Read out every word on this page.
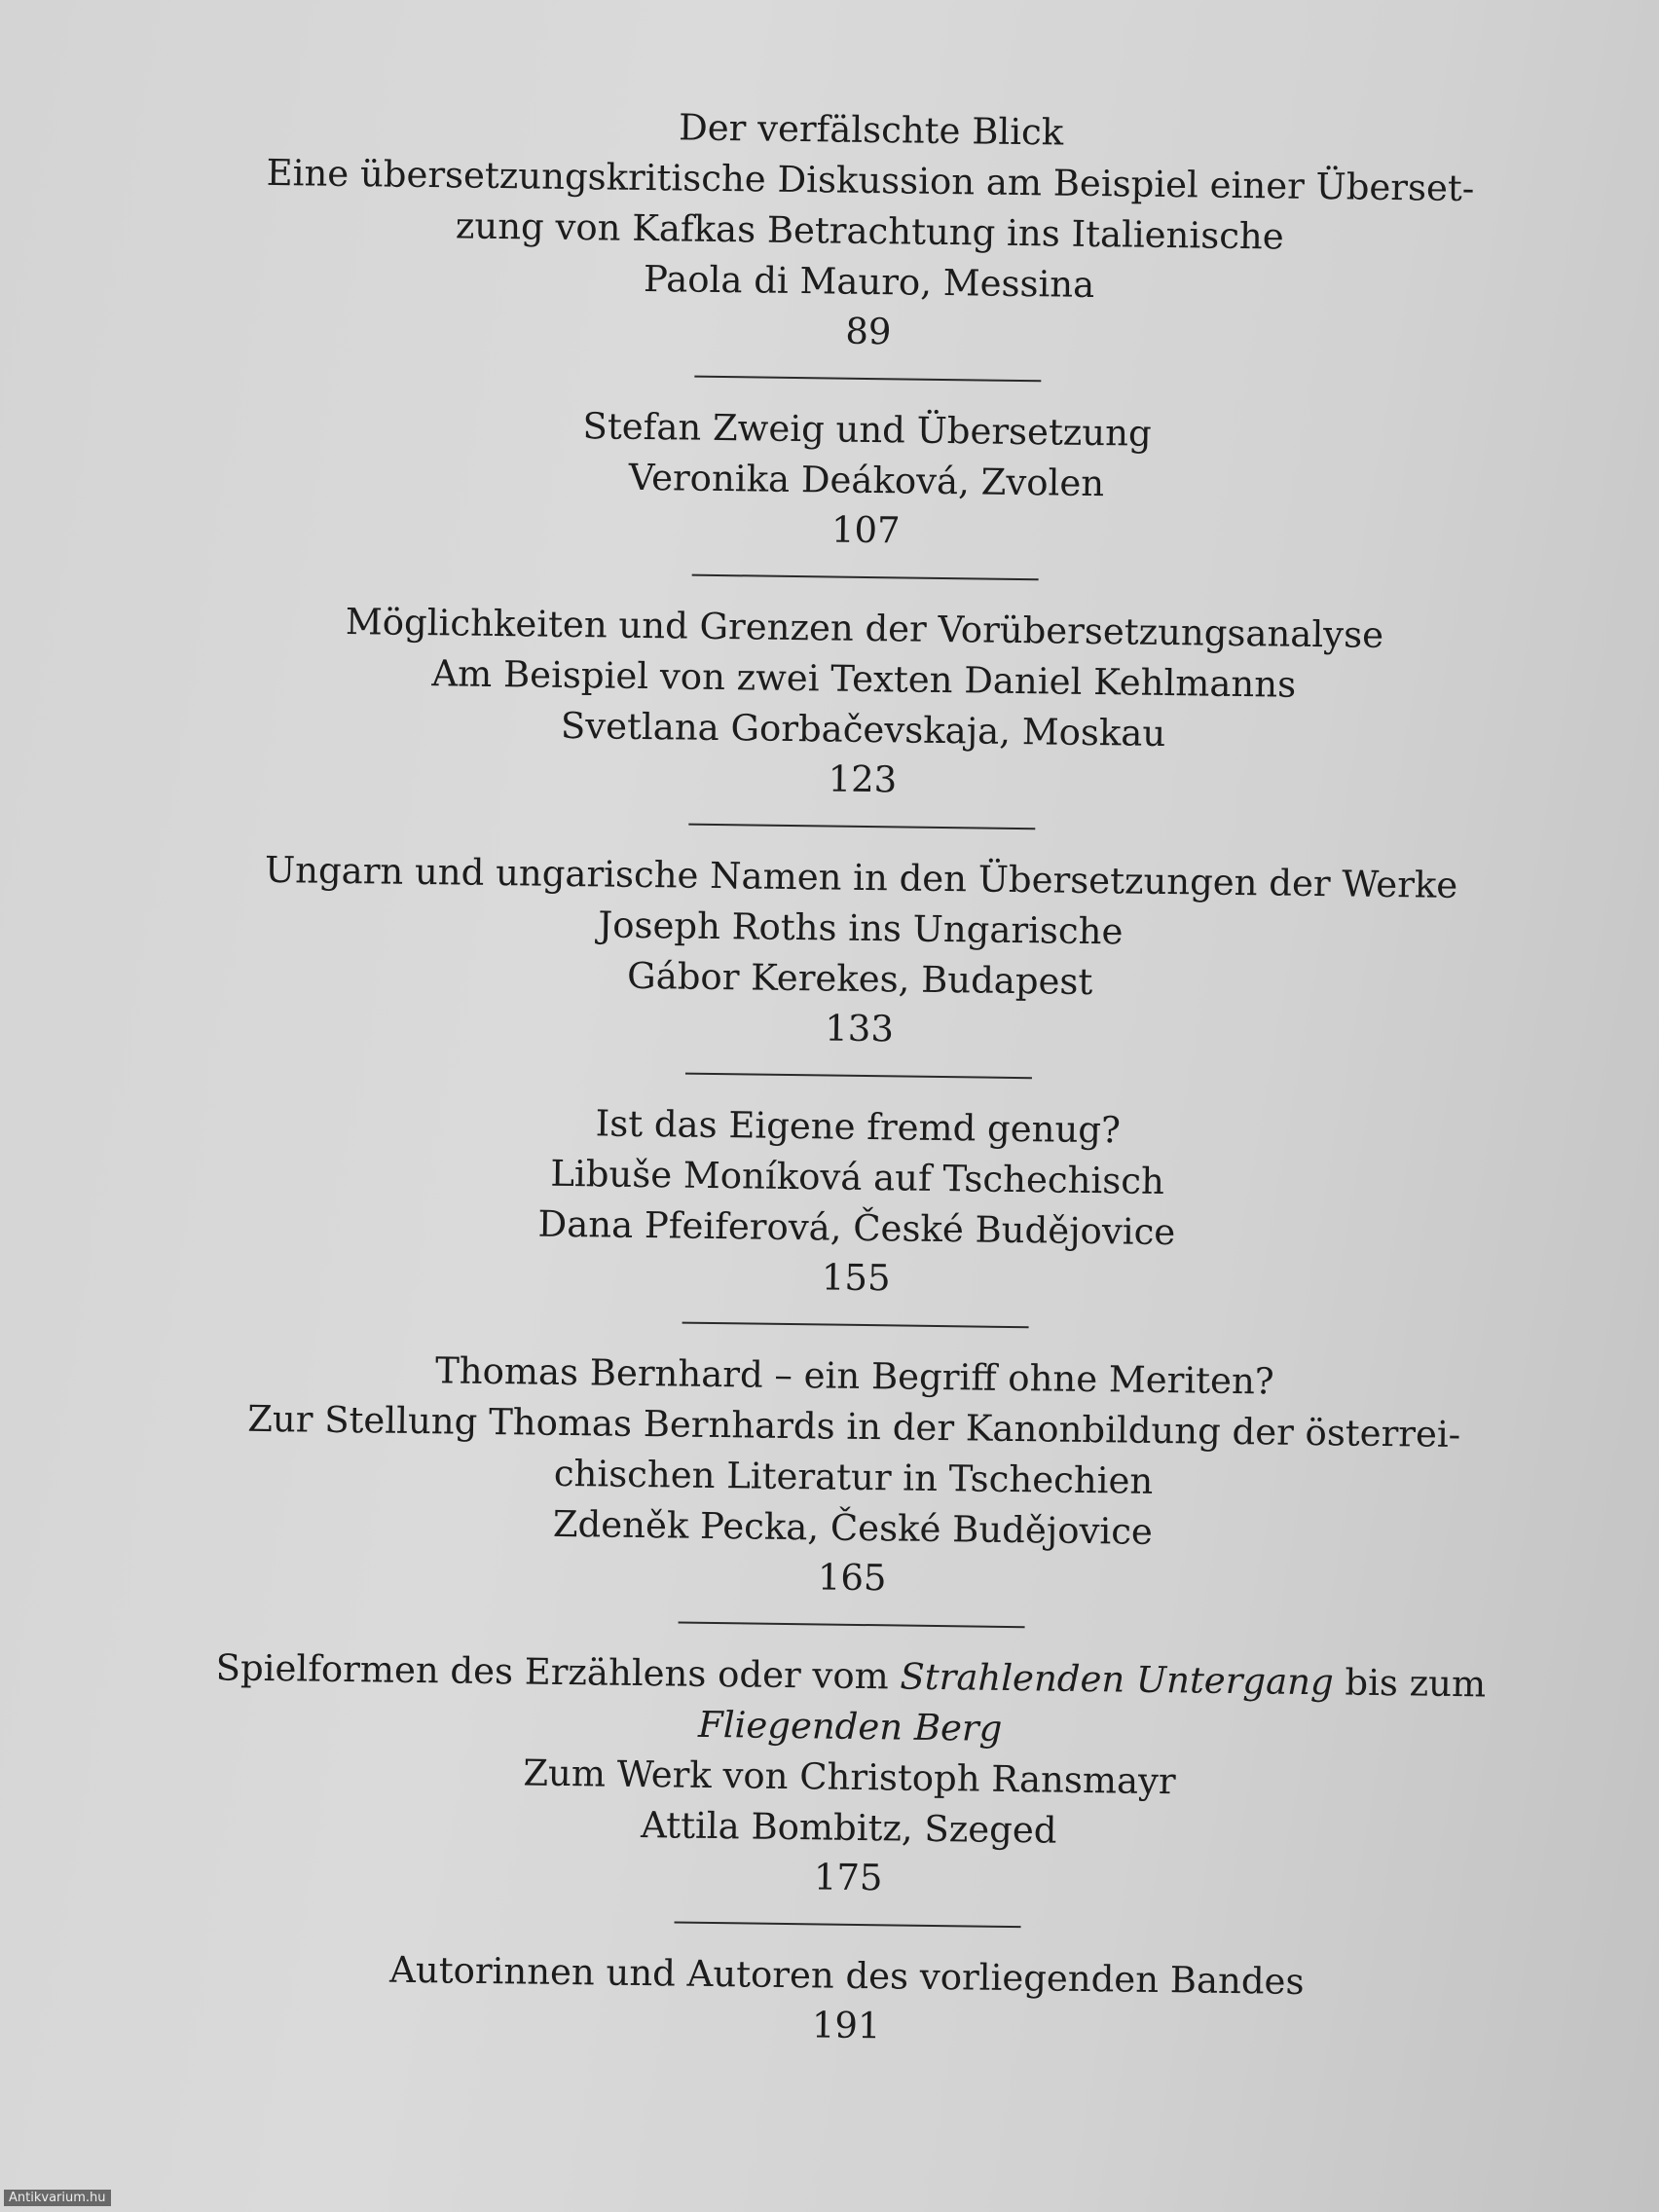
Der verfälschte Blick
Eine übersetzungskritische Diskussion am Beispiel einer Überset-
zung von Kafkas Betrachtung ins Italienische
Paola di Mauro, Messina
89
Stefan Zweig und Übersetzung
Veronika Deáková, Zvolen
107
Möglichkeiten und Grenzen der Vorübersetzungsanalyse
Am Beispiel von zwei Texten Daniel Kehlmanns
Svetlana Gorbačevskaja, Moskau
123
Ungarn und ungarische Namen in den Übersetzungen der Werke
Joseph Roths ins Ungarische
Gábor Kerekes, Budapest
133
Ist das Eigene fremd genug?
Libuše Moníková auf Tschechisch
Dana Pfeiferová, České Budějovice
155
Thomas Bernhard – ein Begriff ohne Meriten?
Zur Stellung Thomas Bernhards in der Kanonbildung der österrei-
chischen Literatur in Tschechien
Zdeněk Pecka, České Budějovice
165
Spielformen des Erzählens oder vom Strahlenden Untergang bis zum
Fliegenden Berg
Zum Werk von Christoph Ransmayr
Attila Bombitz, Szeged
175
Autorinnen und Autoren des vorliegenden Bandes
191
Antikvarium.hu
